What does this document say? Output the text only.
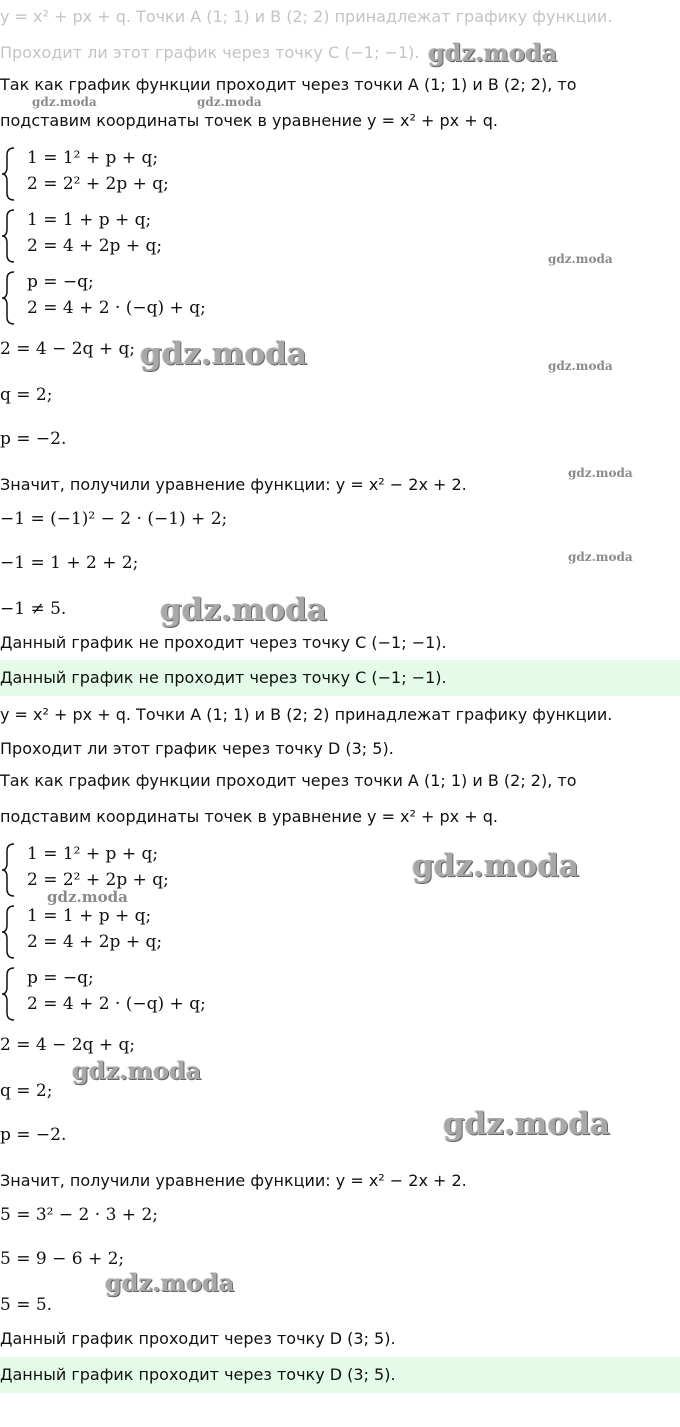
y = x² + px + q. Точки A (1; 1) и B (2; 2) принадлежат графику функции.
Проходит ли этот график через точку C (−1; −1).
Так как график функции проходит через точки A (1; 1) и B (2; 2), то
подставим координаты точек в уравнение y = x² + px + q.
1 = 1² + p + q;
2 = 2² + 2p + q;
1 = 1 + p + q;
2 = 4 + 2p + q;
p = −q;
2 = 4 + 2 · (−q) + q;
2 = 4 − 2q + q;
q = 2;
p = −2.
Значит, получили уравнение функции: y = x² − 2x + 2.
−1 = (−1)² − 2 · (−1) + 2;
−1 = 1 + 2 + 2;
−1 ≠ 5.
Данный график не проходит через точку C (−1; −1).
Данный график не проходит через точку C (−1; −1).
y = x² + px + q. Точки A (1; 1) и B (2; 2) принадлежат графику функции.
Проходит ли этот график через точку D (3; 5).
Так как график функции проходит через точки A (1; 1) и B (2; 2), то
подставим координаты точек в уравнение y = x² + px + q.
1 = 1² + p + q;
2 = 2² + 2p + q;
1 = 1 + p + q;
2 = 4 + 2p + q;
p = −q;
2 = 4 + 2 · (−q) + q;
2 = 4 − 2q + q;
q = 2;
p = −2.
Значит, получили уравнение функции: y = x² − 2x + 2.
5 = 3² − 2 · 3 + 2;
5 = 9 − 6 + 2;
5 = 5.
Данный график проходит через точку D (3; 5).
Данный график проходит через точку D (3; 5).
gdz.moda
gdz.moda	gdz.moda
gdz.moda
gdz.moda	gdz.moda
gdz.moda
gdz.moda
gdz.moda
gdz.moda
gdz.moda
gdz.moda
gdz.moda
gdz.moda
